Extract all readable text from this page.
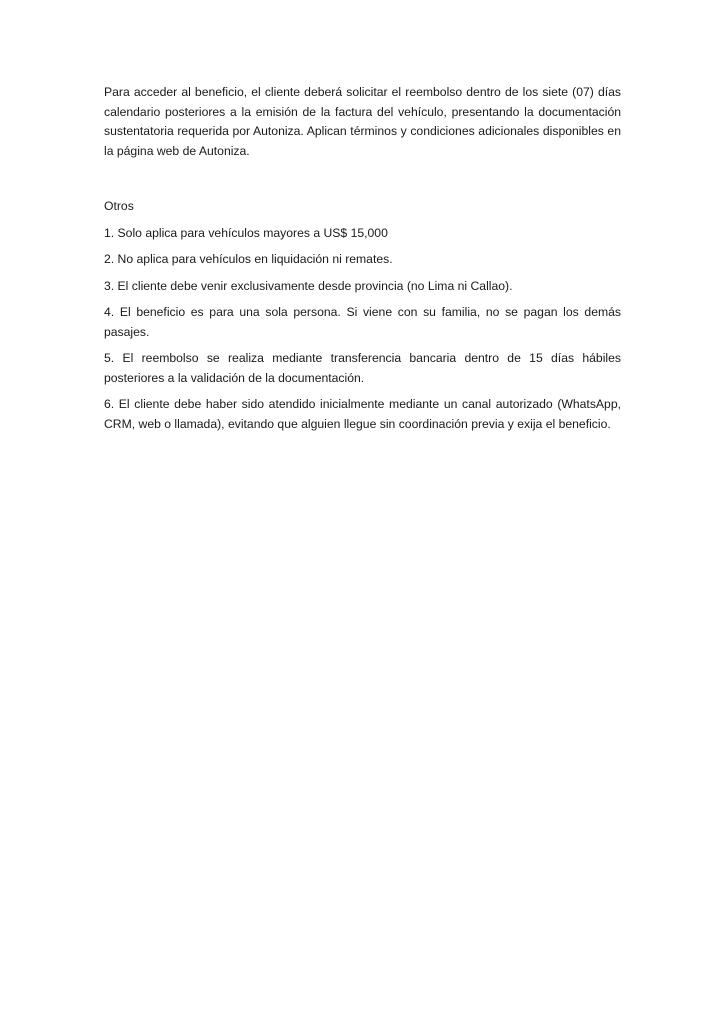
Para acceder al beneficio, el cliente deberá solicitar el reembolso dentro de los siete (07) días calendario posteriores a la emisión de la factura del vehículo, presentando la documentación sustentatoria requerida por Autoniza. Aplican términos y condiciones adicionales disponibles en la página web de Autoniza.

Otros

1. Solo aplica para vehículos mayores a US$ 15,000

2. No aplica para vehículos en liquidación ni remates.

3. El cliente debe venir exclusivamente desde provincia (no Lima ni Callao).

4. El beneficio es para una sola persona. Si viene con su familia, no se pagan los demás pasajes.

5. El reembolso se realiza mediante transferencia bancaria dentro de 15 días hábiles posteriores a la validación de la documentación.

6. El cliente debe haber sido atendido inicialmente mediante un canal autorizado (WhatsApp, CRM, web o llamada), evitando que alguien llegue sin coordinación previa y exija el beneficio.
